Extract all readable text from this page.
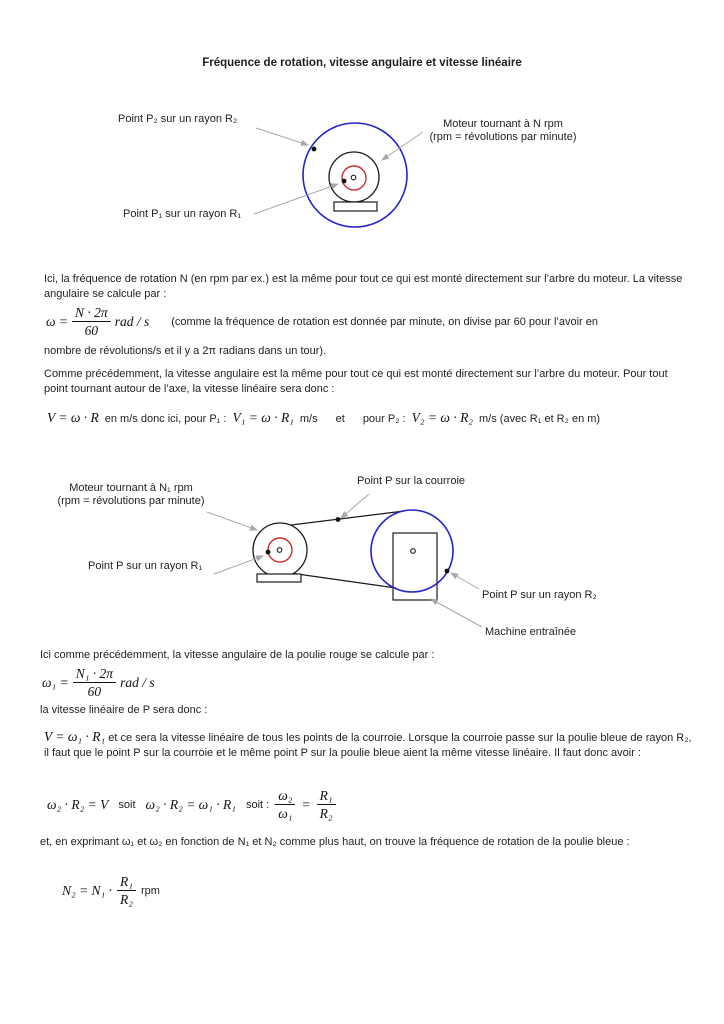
Fréquence de rotation, vitesse angulaire et vitesse linéaire
Point P₂ sur un rayon R₂	Moteur tournant à N rpm
(rpm = révolutions par minute)
Point P₁ sur un rayon R₁
Ici, la fréquence de rotation N (en rpm par ex.) est la même pour tout ce qui est monté directement sur l’arbre du moteur. La vitesse angulaire se calcule par :
$\omega = \frac{N \cdot 2\pi}{60}$ rad / s (comme la fréquence de rotation est donnée par minute, on divise par 60 pour l’avoir en
nombre de révolutions/s et il y a 2π radians dans un tour).
Comme précédemment, la vitesse angulaire est la même pour tout ce qui est monté directement sur l’arbre du moteur. Pour tout point tournant autour de l’axe, la vitesse linéaire sera donc :
V = ω · R en m/s donc ici, pour P₁ : V₁ = ω · R₁ m/s et pour P₂ : V₂ = ω · R₂ m/s (avec R₁ et R₂ en m)
Moteur tournant à N₁ rpm
(rpm = révolutions par minute)
Point P sur la courroie
Point P sur un rayon R₁
Point P sur un rayon R₂
Machine entraînée
Ici comme précédemment, la vitesse angulaire de la poulie rouge se calcule par :
$\omega_1 = \frac{\text{N₁ · 2π}}{60}$ rad / s
la vitesse linéaire de P sera donc :
V = ω₁ · R₁ et ce sera la vitesse linéaire de tous les points de la courroie. Lorsque la courroie passe sur la poulie bleue de rayon R₂, il faut que le point P sur la courroie et le même point P sur la poulie bleue aient la même vitesse linéaire. Il faut donc avoir :
ω₂ · R₂ = V soit ω₂ · R₂ = ω₁ · R₁ soit : $\frac{\text{ω₂}}{\text{ω₁}} = \frac{\text{R₁}}{\text{R₂}}$
et, en exprimant ω₁ et ω₂ en fonction de N₁ et N₂ comme plus haut, on trouve la fréquence de rotation de la poulie bleue :
$N_2 = N_1 \cdot \frac{\text{R₁}}{\text{R₂}}$ rpm
